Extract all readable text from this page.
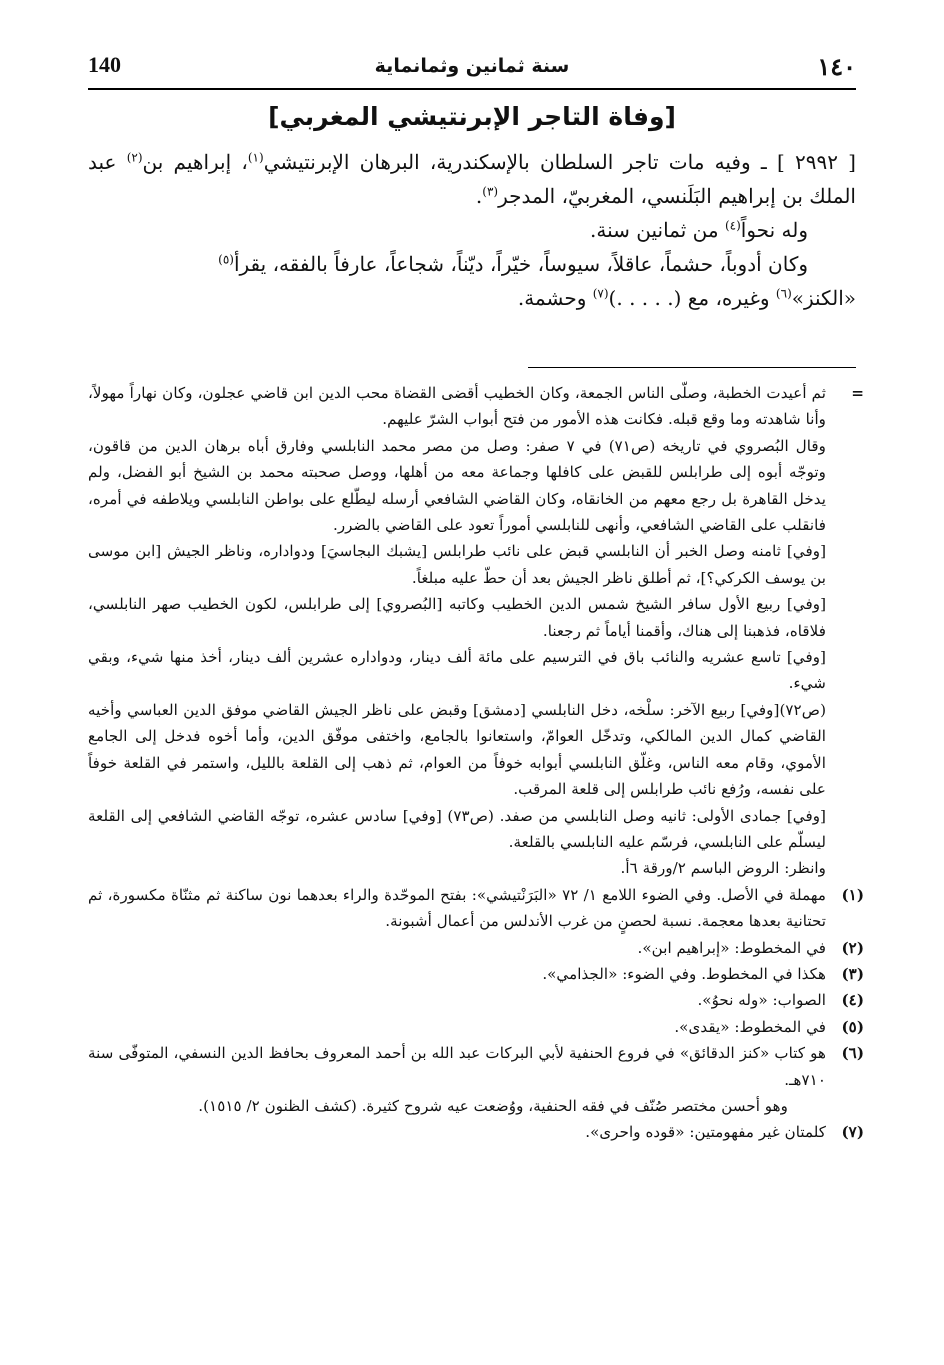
140	سنة ثمانين وثمانماية	١٤٠
[وفاة التاجر الإبرنتيشي المغربي]

[ ٢٩٩٢ ] ـ وفيه مات تاجر السلطان بالإسكندرية، البرهان الإبرنتيشي$^{(١)}$، إبراهيم بن$^{(٢)}$ عبد الملك بن إبراهيم البَلَنسي، المغربيّ، المدجر$^{(٣)}$.

وله نحواً$^{(٤)}$ من ثمانين سنة.

وكان أدوباً، حشماً، عاقلاً، سيوساً، خيّراً، ديّناً، شجاعاً، عارفاً بالفقه، يقرأ$^{(٥)}$

«الكنز»$^{(٦)}$ وغيره، مع (. . . . .)$^{(٧)}$ وحشمة.

=
ثم أعيدت الخطبة، وصلّى الناس الجمعة، وكان الخطيب أقضى القضاة محب الدين ابن قاضي عجلون، وكان نهاراً مهولاً، وأنا شاهدته وما وقع قبله. فكانت هذه الأمور من فتح أبواب الشرّ عليهم.
وقال البُصروي في تاريخه (ص٧١) في ٧ صفر: وصل من مصر محمد النابلسي وفارق أباه برهان الدين من قاقون، وتوجّه أبوه إلى طرابلس للقبض على كافلها وجماعة معه من أهلها، ووصل صحبته محمد بن الشيخ أبو الفضل، ولم يدخل القاهرة بل رجع معهم من الخانقاه، وكان القاضي الشافعي أرسله ليطّلع على بواطن النابلسي ويلاطفه في أمره، فانقلب على القاضي الشافعي، وأنهى للنابلسي أموراً تعود على القاضي بالضرر.
[وفي] ثامنه وصل الخبر أن النابلسي قبض على نائب طرابلس [يشبك البجاسيَ] ودواداره، وناظر الجيش [ابن موسى بن يوسف الكركي؟]، ثم أطلق ناظر الجيش بعد أن حطّ عليه مبلغاً.
[وفي] ربيع الأول سافر الشيخ شمس الدين الخطيب وكاتبه [البُصروي] إلى طرابلس، لكون الخطيب صهر النابلسي، فلاقاه، فذهبنا إلى هناك، وأقمنا أياماً ثم رجعنا.
[وفي] تاسع عشريه والنائب باق في الترسيم على مائة ألف دينار، ودواداره عشرين ألف دينار، أخذ منها شيء، وبقي شيء.
(ص٧٢)[وفي] ربيع الآخر: سلْخه، دخل النابلسي [دمشق] وقبض على ناظر الجيش القاضي موفق الدين العباسي وأخيه القاضي كمال الدين المالكي، وتدخّل العوامّ، واستعانوا بالجامع، واختفى موفّق الدين، وأما أخوه فدخل إلى الجامع الأموي، وقام معه الناس، وغلّق النابلسي أبوابه خوفاً من العوام، ثم ذهب إلى القلعة بالليل، واستمر في القلعة خوفاً على نفسه، ورُفع نائب طرابلس إلى قلعة المرقب.
[وفي] جمادى الأولى: ثانيه وصل النابلسي من صفد. (ص٧٣) [وفي] سادس عشره، توجّه القاضي الشافعي إلى القلعة ليسلّم على النابلسي، فرسّم عليه النابلسي بالقلعة.
وانظر: الروض الباسم ٢/ورقة ٦أ.
(١)
مهملة في الأصل. وفي الضوء اللامع ١/ ٧٢ «البَرَنْتيشي»: بفتح الموحّدة والراء بعدهما نون ساكنة ثم مثنّاة مكسورة، ثم تحتانية بعدها معجمة. نسبة لحصنٍ من غرب الأندلس من أعمال أشبونة.
(٢)
في المخطوط: «إبراهيم ابن».
(٣)
هكذا في المخطوط. وفي الضوء: «الجذامي».
(٤)
الصواب: «وله نحوُ».
(٥)
في المخطوط: «يقدى».
(٦)
هو كتاب «كنز الدقائق» في فروع الحنفية لأبي البركات عبد الله بن أحمد المعروف بحافظ الدين النسفي، المتوفّى سنة ٧١٠هـ.
وهو أحسن مختصر صُنّف في فقه الحنفية، ووُضعت عيه شروح كثيرة. (كشف الظنون ٢/ ١٥١٥).
(٧)
كلمتان غير مفهومتين: «قوده واحرى».
